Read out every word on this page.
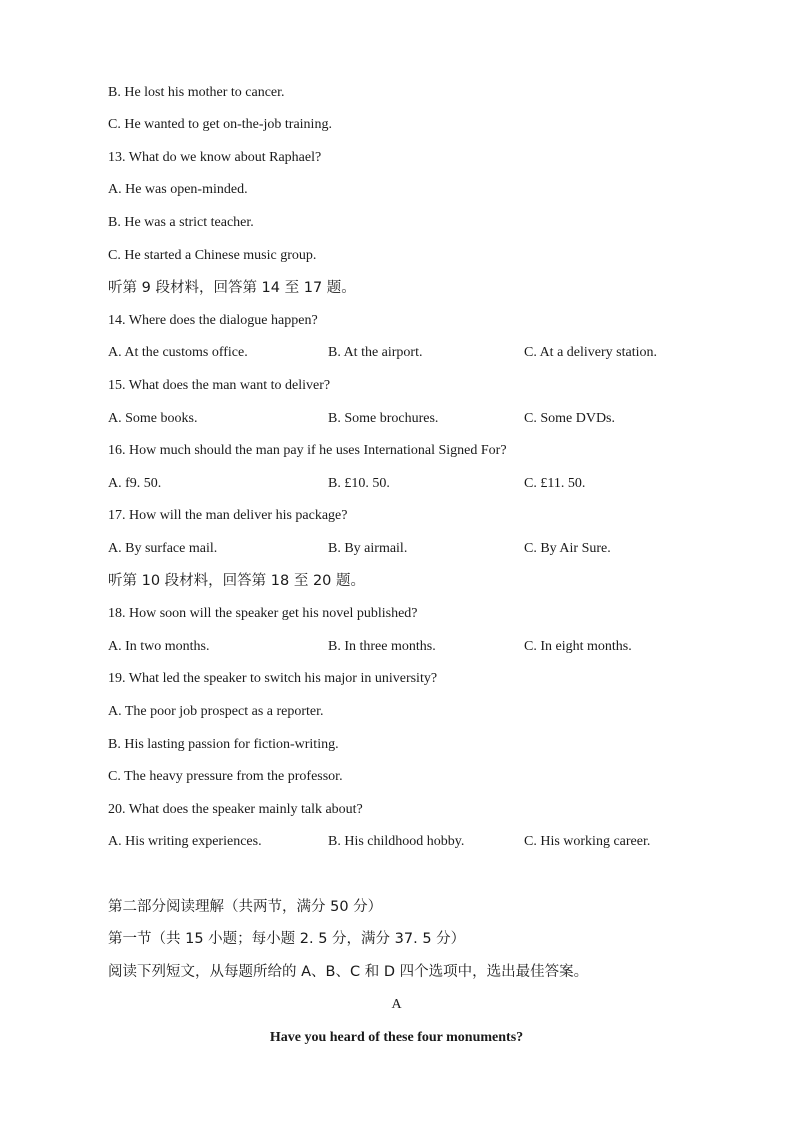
B. He lost his mother to cancer.
C. He wanted to get on-the-job training.
13. What do we know about Raphael?
A. He was open-minded.
B. He was a strict teacher.
C. He started a Chinese music group.
听第 9 段材料，回答第 14 至 17 题。
14. Where does the dialogue happen?
A. At the customs office.	B. At the airport.	C. At a delivery station.
15. What does the man want to deliver?
A. Some books.	B. Some brochures.	C. Some DVDs.
16. How much should the man pay if he uses International Signed For?
A. f9. 50.	B. £10. 50.	C. £11. 50.
17. How will the man deliver his package?
A. By surface mail.	B. By airmail.	C. By Air Sure.
听第 10 段材料，回答第 18 至 20 题。
18. How soon will the speaker get his novel published?
A. In two months.	B. In three months.	C. In eight months.
19. What led the speaker to switch his major in university?
A. The poor job prospect as a reporter.
B. His lasting passion for fiction-writing.
C. The heavy pressure from the professor.
20. What does the speaker mainly talk about?
A. His writing experiences.	B. His childhood hobby.	C. His working career.
第二部分阅读理解（共两节，满分 50 分）
第一节（共 15 小题；每小题 2. 5 分，满分 37. 5 分）
阅读下列短文，从每题所给的 A、B、C 和 D 四个选项中，选出最佳答案。
A
Have you heard of these four monuments?
